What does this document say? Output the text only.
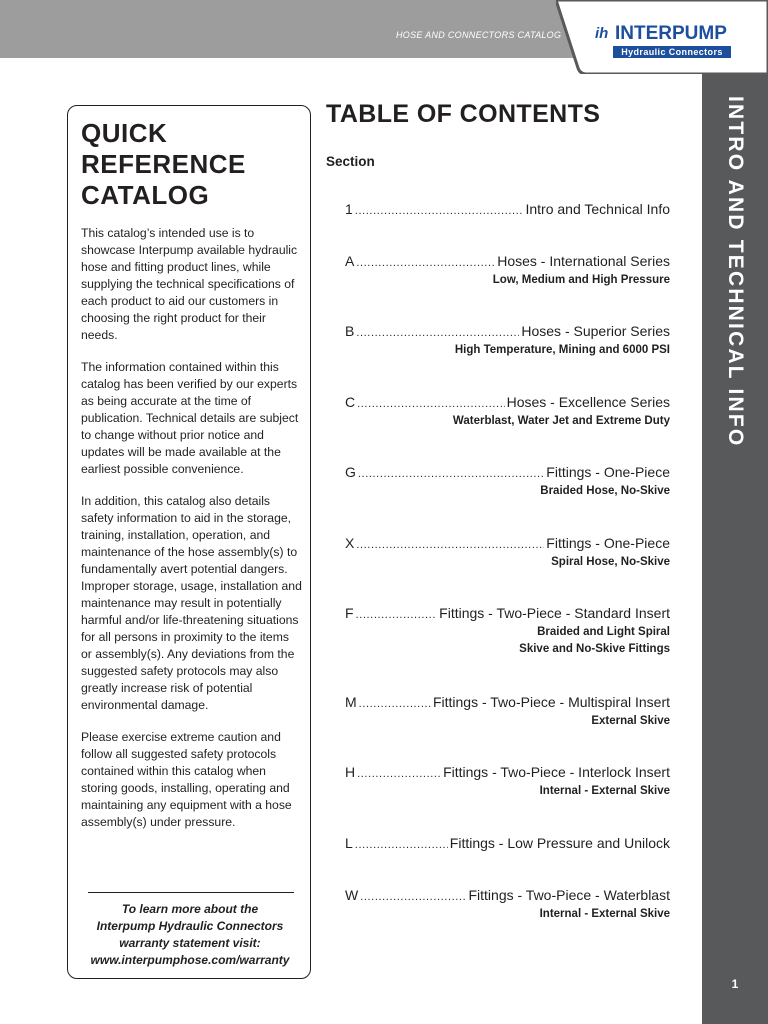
HOSE AND CONNECTORS CATALOG ih INTERPUMP
Hydraulic Connectors
INTRO AND TECHNICAL INFO
1
QUICK
REFERENCE
CATALOG

This catalog’s intended use is to showcase Interpump available hydraulic hose and fitting product lines, while supplying the technical specifications of each product to aid our customers in choosing the right product for their needs.

The information contained within this catalog has been verified by our experts as being accurate at the time of publication. Technical details are subject to change without prior notice and updates will be made available at the earliest possible convenience.

In addition, this catalog also details safety information to aid in the storage, training, installation, operation, and maintenance of the hose assembly(s) to fundamentally avert potential dangers. Improper storage, usage, installation and maintenance may result in potentially harmful and/or life-threatening situations for all persons in proximity to the items or assembly(s). Any deviations from the suggested safety protocols may also greatly increase risk of potential environmental damage.

Please exercise extreme caution and follow all suggested safety protocols contained within this catalog when storing goods, installing, operating and maintaining any equipment with a hose assembly(s) under pressure.

To learn more about the
Interpump Hydraulic Connectors
warranty statement visit:
www.interpumphose.com/warranty
TABLE OF CONTENTS
Section
1 .....	Intro and Technical Info
A .....	Hoses - International Series
Low, Medium and High Pressure
B .....	Hoses - Superior Series
High Temperature, Mining and 6000 PSI
C .....	Hoses - Excellence Series
Waterblast, Water Jet and Extreme Duty
G .....	Fittings - One-Piece
Braided Hose, No-Skive
X .....	Fittings - One-Piece
Spiral Hose, No-Skive
F .....	Fittings - Two-Piece - Standard Insert
Braided and Light Spiral
Skive and No-Skive Fittings
M .....	Fittings - Two-Piece - Multispiral Insert
External Skive
H .....	Fittings - Two-Piece - Interlock Insert
Internal - External Skive
L .....	Fittings - Low Pressure and Unilock
W .....	Fittings - Two-Piece - Waterblast
Internal - External Skive
